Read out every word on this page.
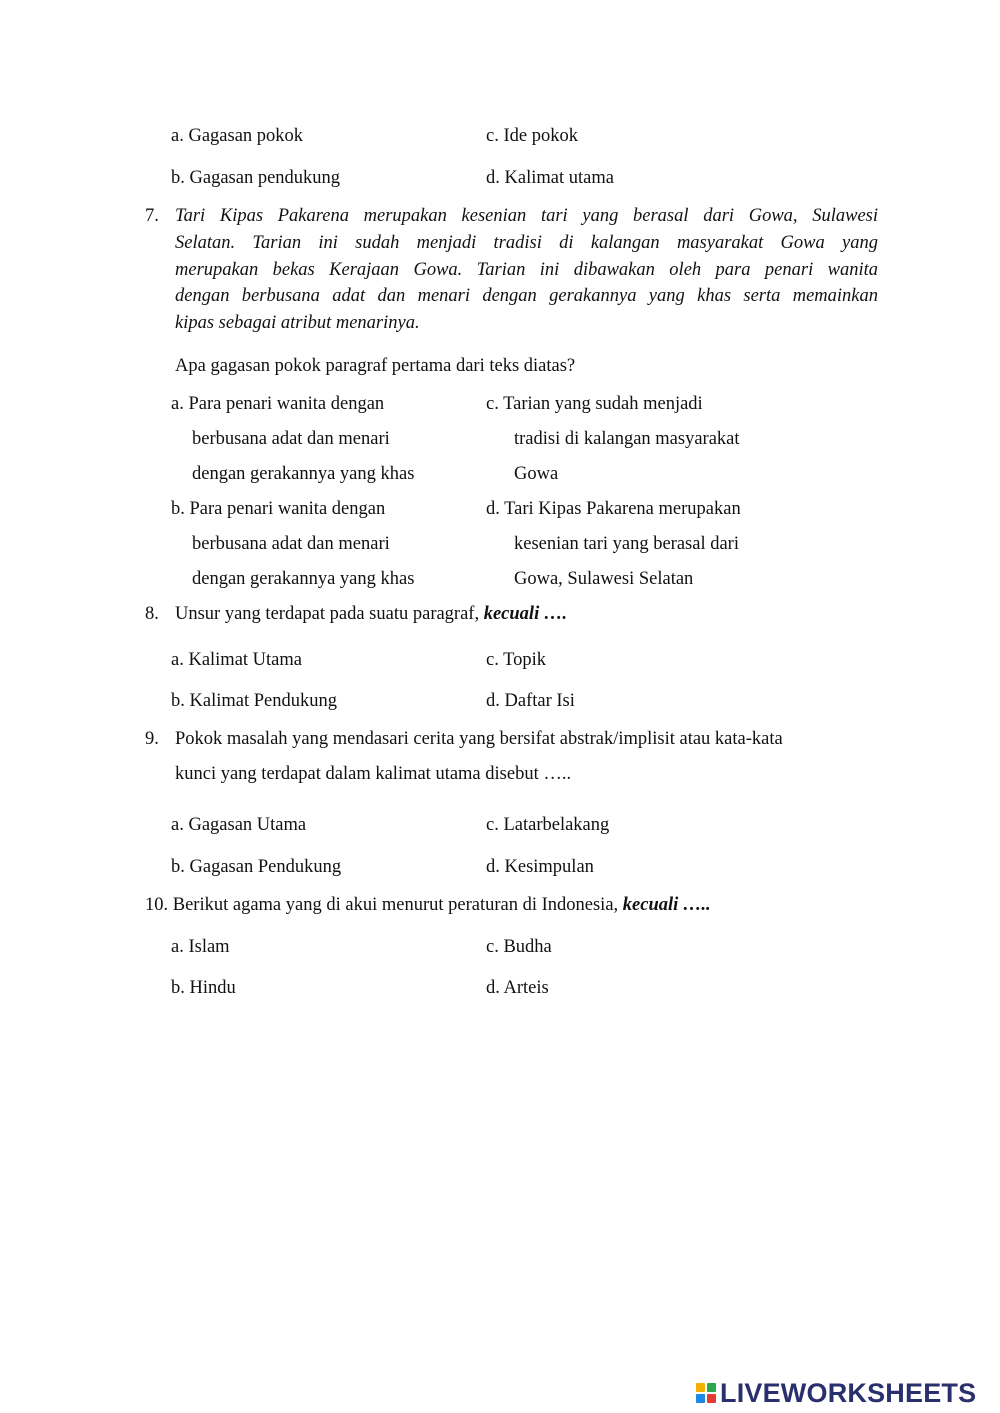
a. Gagasan pokok	c. Ide pokok
b. Gagasan pendukung	d. Kalimat utama
7. Tari Kipas Pakarena merupakan kesenian tari yang berasal dari Gowa, Sulawesi
Selatan. Tarian ini sudah menjadi tradisi di kalangan masyarakat Gowa yang
merupakan bekas Kerajaan Gowa. Tarian ini dibawakan oleh para penari wanita
dengan berbusana adat dan menari dengan gerakannya yang khas serta memainkan
kipas sebagai atribut menarinya.
Apa gagasan pokok paragraf pertama dari teks diatas?
a. Para penari wanita dengan
berbusana adat dan menari
dengan gerakannya yang khas
c. Tarian yang sudah menjadi
tradisi di kalangan masyarakat
Gowa
b. Para penari wanita dengan
berbusana adat dan menari
dengan gerakannya yang khas
d. Tari Kipas Pakarena merupakan
kesenian tari yang berasal dari
Gowa, Sulawesi Selatan
8. Unsur yang terdapat pada suatu paragraf, kecuali ….
a. Kalimat Utama	c. Topik
b. Kalimat Pendukung	d. Daftar Isi
9. Pokok masalah yang mendasari cerita yang bersifat abstrak/implisit atau kata-kata
kunci yang terdapat dalam kalimat utama disebut …..
a. Gagasan Utama	c. Latarbelakang
b. Gagasan Pendukung	d. Kesimpulan
10. Berikut agama yang di akui menurut peraturan di Indonesia, kecuali …..
a. Islam	c. Budha
b. Hindu	d. Arteis
LIVEWORKSHEETS
